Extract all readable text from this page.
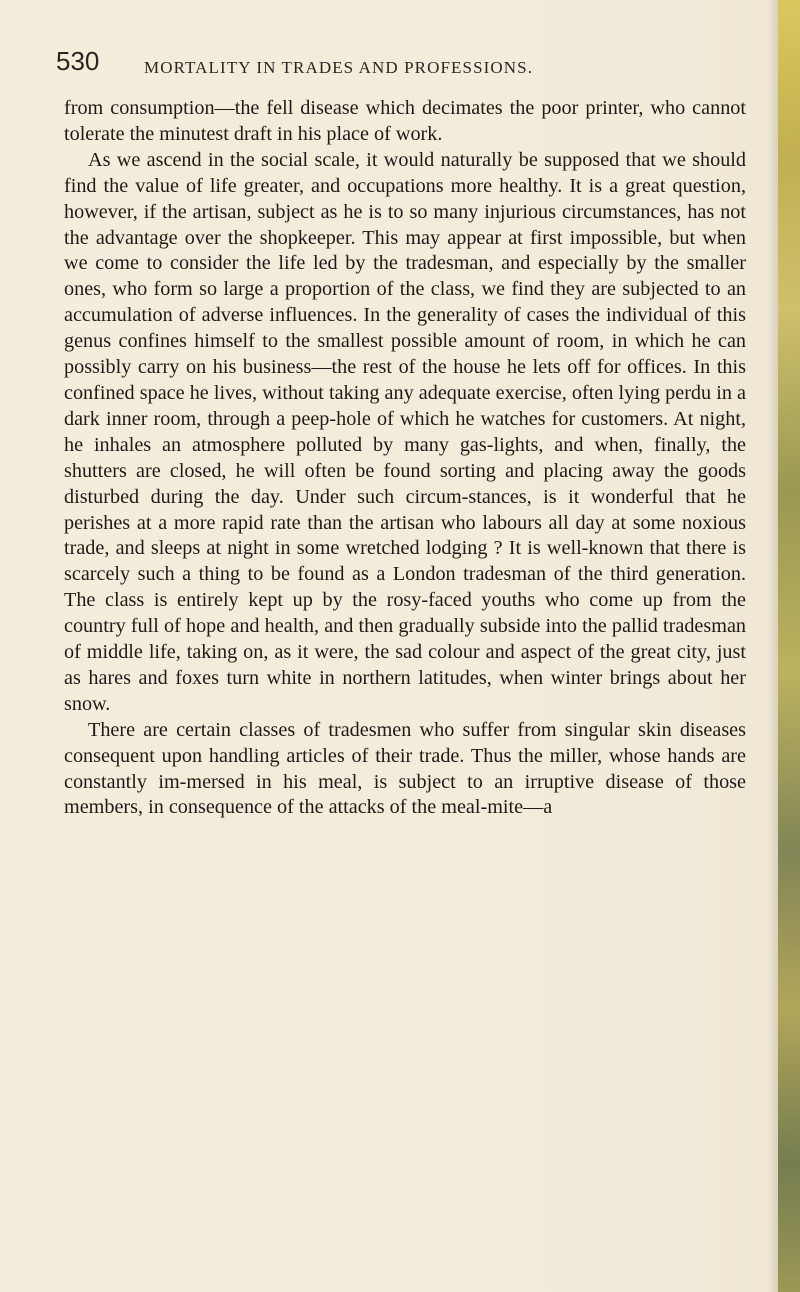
530	MORTALITY IN TRADES AND PROFESSIONS.

from consumption—the fell disease which decimates the poor printer, who cannot tolerate the minutest draft in his place of work.

As we ascend in the social scale, it would naturally be supposed that we should find the value of life greater, and occupations more healthy. It is a great question, however, if the artisan, subject as he is to so many injurious circumstances, has not the advantage over the shopkeeper. This may appear at first impossible, but when we come to consider the life led by the tradesman, and especially by the smaller ones, who form so large a proportion of the class, we find they are subjected to an accumulation of adverse influences. In the generality of cases the individual of this genus confines himself to the smallest possible amount of room, in which he can possibly carry on his business—the rest of the house he lets off for offices. In this confined space he lives, without taking any adequate exercise, often lying perdu in a dark inner room, through a peep-hole of which he watches for customers. At night, he inhales an atmosphere polluted by many gas-lights, and when, finally, the shutters are closed, he will often be found sorting and placing away the goods disturbed during the day. Under such circum-stances, is it wonderful that he perishes at a more rapid rate than the artisan who labours all day at some noxious trade, and sleeps at night in some wretched lodging ? It is well-known that there is scarcely such a thing to be found as a London tradesman of the third generation. The class is entirely kept up by the rosy-faced youths who come up from the country full of hope and health, and then gradually subside into the pallid tradesman of middle life, taking on, as it were, the sad colour and aspect of the great city, just as hares and foxes turn white in northern latitudes, when winter brings about her snow.

There are certain classes of tradesmen who suffer from singular skin diseases consequent upon handling articles of their trade. Thus the miller, whose hands are constantly im-mersed in his meal, is subject to an irruptive disease of those members, in consequence of the attacks of the meal-mite—a
